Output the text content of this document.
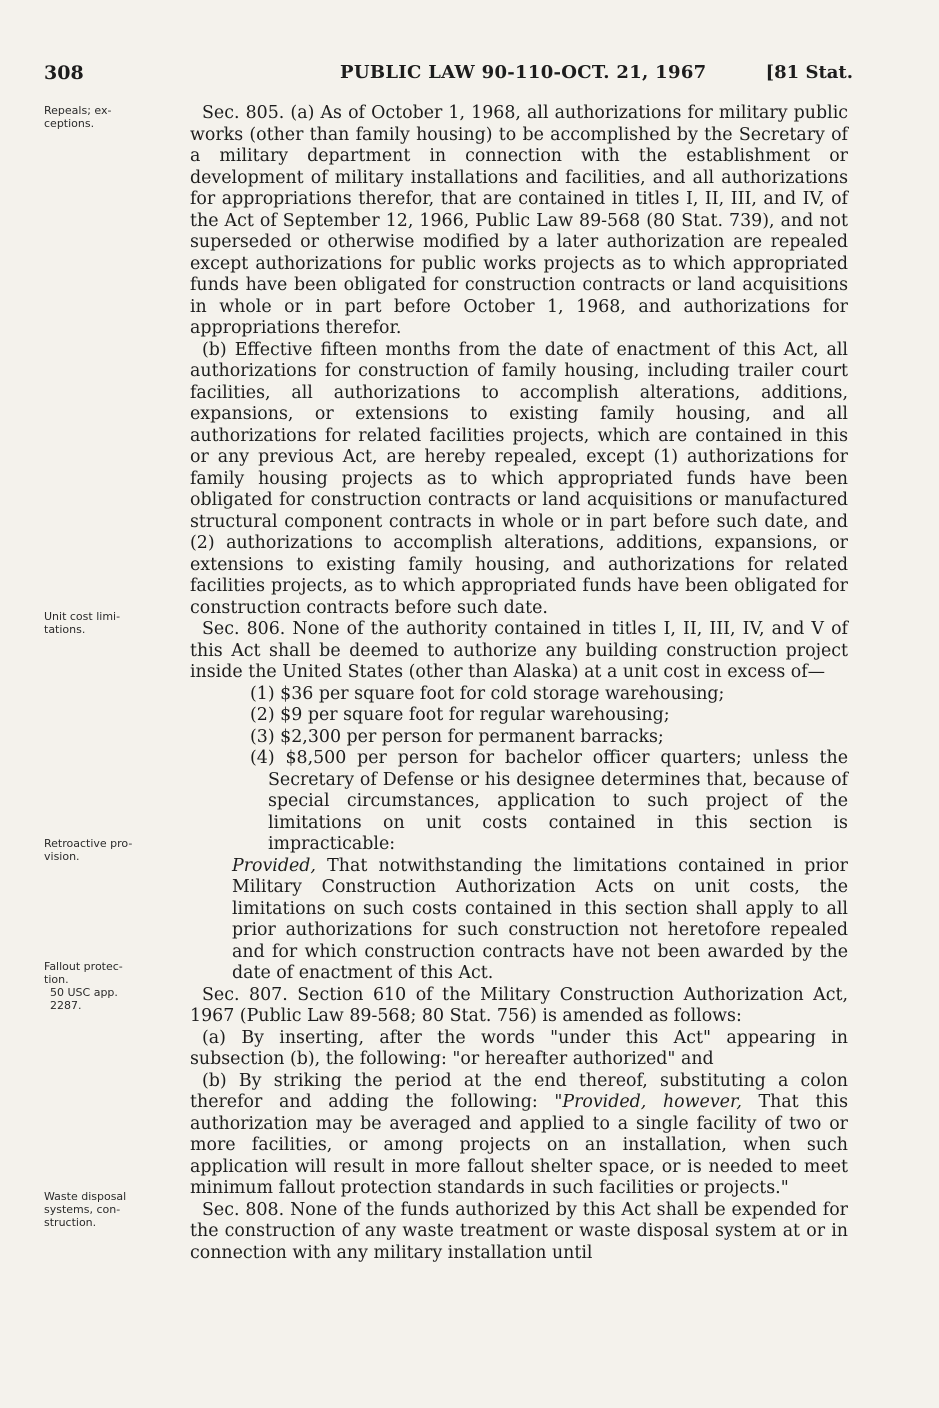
308	PUBLIC LAW 90-110-OCT. 21, 1967	[81 Stat.
Repeals; ex-
ceptions.
Unit cost limi-
tations.
Retroactive pro-
vision.
Fallout protec-
tion.
50 USC app.
2287.
Waste disposal
systems, con-
struction.

Sec. 805. (a) As of October 1, 1968, all authorizations for military public works (other than family housing) to be accomplished by the Secretary of a military department in connection with the establishment or development of military installations and facilities, and all authorizations for appropriations therefor, that are contained in titles I, II, III, and IV, of the Act of September 12, 1966, Public Law 89-568 (80 Stat. 739), and not superseded or otherwise modified by a later authorization are repealed except authorizations for public works projects as to which appropriated funds have been obligated for construction contracts or land acquisitions in whole or in part before October 1, 1968, and authorizations for appropriations therefor.

(b) Effective fifteen months from the date of enactment of this Act, all authorizations for construction of family housing, including trailer court facilities, all authorizations to accomplish alterations, additions, expansions, or extensions to existing family housing, and all authorizations for related facilities projects, which are contained in this or any previous Act, are hereby repealed, except (1) authorizations for family housing projects as to which appropriated funds have been obligated for construction contracts or land acquisitions or manufactured structural component contracts in whole or in part before such date, and (2) authorizations to accomplish alterations, additions, expansions, or extensions to existing family housing, and authorizations for related facilities projects, as to which appropriated funds have been obligated for construction contracts before such date.

Sec. 806. None of the authority contained in titles I, II, III, IV, and V of this Act shall be deemed to authorize any building construction project inside the United States (other than Alaska) at a unit cost in excess of—

(1) $36 per square foot for cold storage warehousing;

(2) $9 per square foot for regular warehousing;

(3) $2,300 per person for permanent barracks;

(4) $8,500 per person for bachelor officer quarters; unless the Secretary of Defense or his designee determines that, because of special circumstances, application to such project of the limitations on unit costs contained in this section is impracticable:

Provided, That notwithstanding the limitations contained in prior Military Construction Authorization Acts on unit costs, the limitations on such costs contained in this section shall apply to all prior authorizations for such construction not heretofore repealed and for which construction contracts have not been awarded by the date of enactment of this Act.

Sec. 807. Section 610 of the Military Construction Authorization Act, 1967 (Public Law 89-568; 80 Stat. 756) is amended as follows:

(a) By inserting, after the words "under this Act" appearing in subsection (b), the following: "or hereafter authorized" and

(b) By striking the period at the end thereof, substituting a colon therefor and adding the following: "Provided, however, That this authorization may be averaged and applied to a single facility of two or more facilities, or among projects on an installation, when such application will result in more fallout shelter space, or is needed to meet minimum fallout protection standards in such facilities or projects."

Sec. 808. None of the funds authorized by this Act shall be expended for the construction of any waste treatment or waste disposal system at or in connection with any military installation until
